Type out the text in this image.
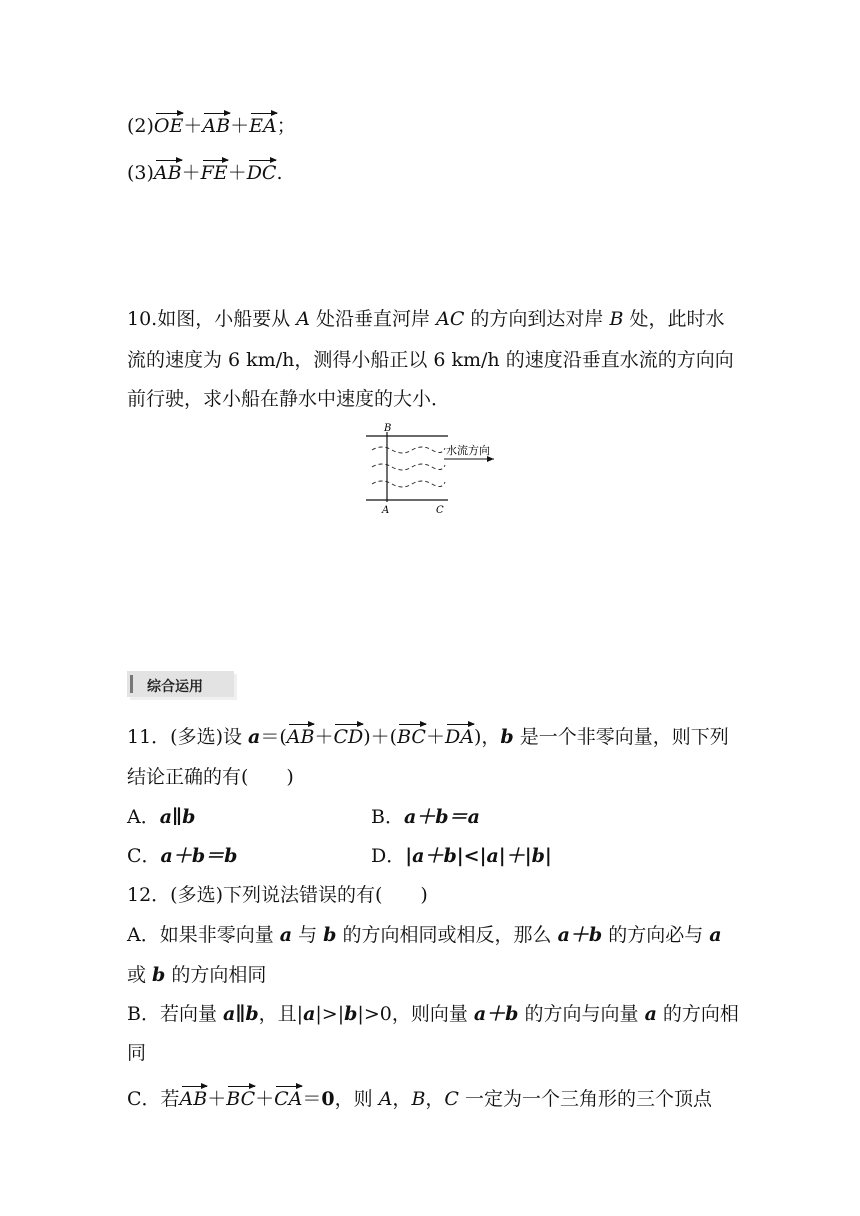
(2)OE＋AB＋EA；
(3)AB＋FE＋DC.
10.如图，小船要从 A 处沿垂直河岸 AC 的方向到达对岸 B 处，此时水
流的速度为 6 km/h，测得小船正以 6 km/h 的速度沿垂直水流的方向向
前行驶，求小船在静水中速度的大小．
B
A	C
水流方向
综合运用
11．(多选)设 a＝(AB＋CD)＋(BC＋DA)，b 是一个非零向量，则下列
结论正确的有(　　)
A．a∥b	B．a＋b＝a
C．a＋b＝b	D．|a＋b|<|a|＋|b|
12．(多选)下列说法错误的有(　　)
A．如果非零向量 a 与 b 的方向相同或相反，那么 a＋b 的方向必与 a
或 b 的方向相同
B．若向量 a∥b，且|a|>|b|>0，则向量 a＋b 的方向与向量 a 的方向相
同
C．若AB＋BC＋CA＝0，则 A，B，C 一定为一个三角形的三个顶点
